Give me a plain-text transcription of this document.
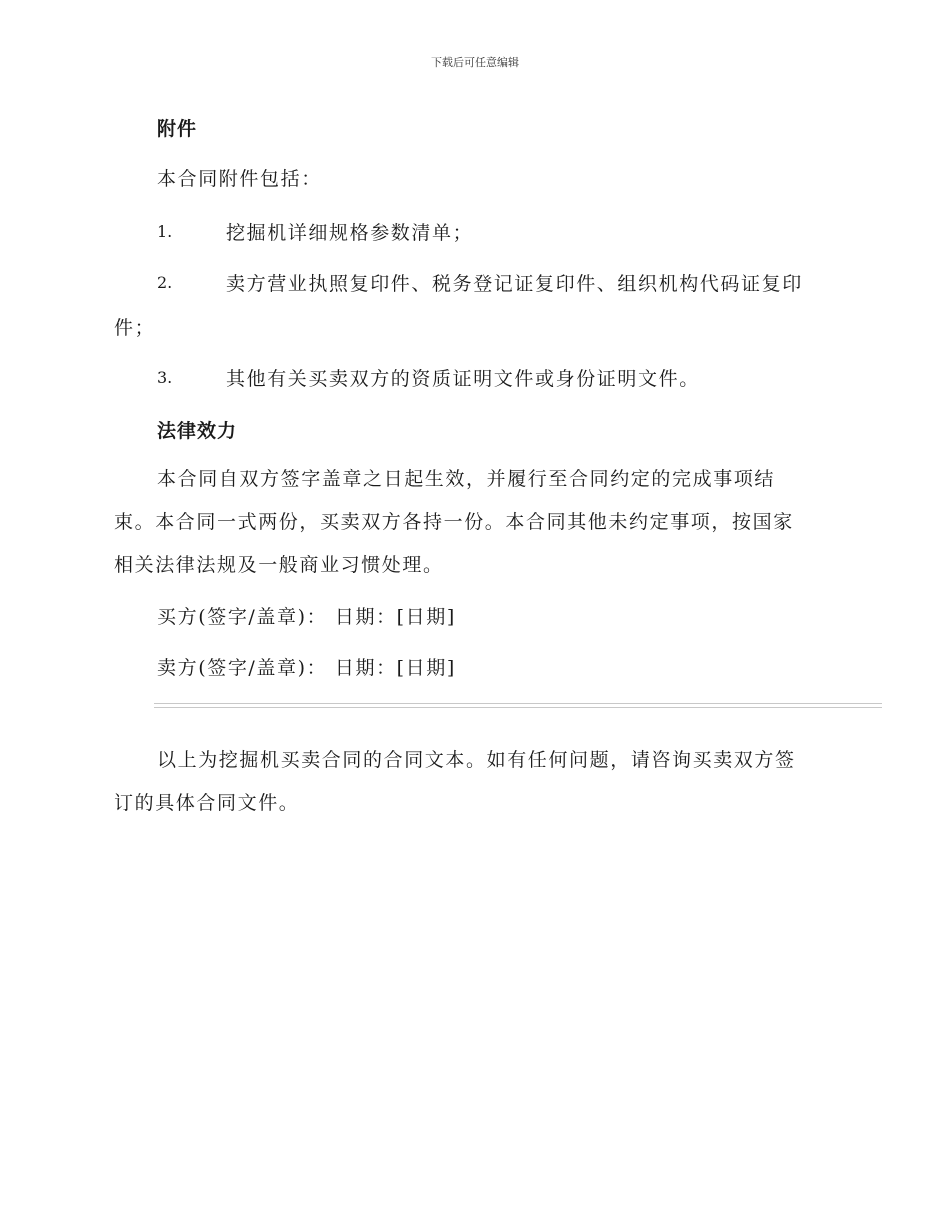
下载后可任意编辑
附件
本合同附件包括：
1.	挖掘机详细规格参数清单；
2.	卖方营业执照复印件、税务登记证复印件、组织机构代码证复印
件；
3.	其他有关买卖双方的资质证明文件或身份证明文件。
法律效力
本合同自双方签字盖章之日起生效，并履行至合同约定的完成事项结
束。本合同一式两份，买卖双方各持一份。本合同其他未约定事项，按国家
相关法律法规及一般商业习惯处理。
买方(签字/盖章)： 日期：[日期]
卖方(签字/盖章)： 日期：[日期]
以上为挖掘机买卖合同的合同文本。如有任何问题，请咨询买卖双方签
订的具体合同文件。
